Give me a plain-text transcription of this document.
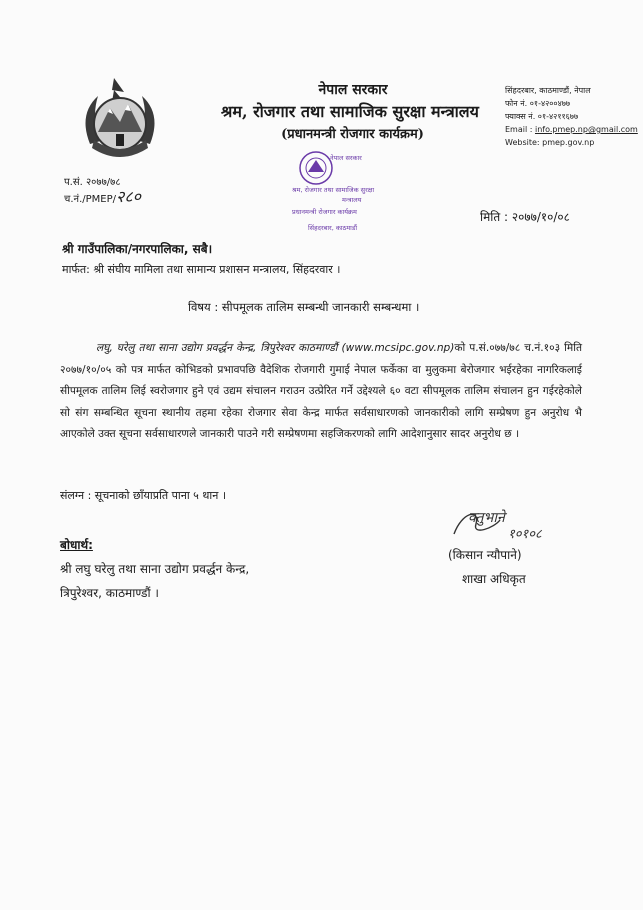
नेपाल सरकार
श्रम, रोजगार तथा सामाजिक सुरक्षा मन्त्रालय
(प्रधानमन्त्री रोजगार कार्यक्रम)
सिंहदरबार, काठमाण्डौं, नेपाल
फोन नं. ०१-४२००४७७
फ्याक्स नं. ०१-४२११६७७
Email : info.pmep.np@gmail.com
Website: pmep.gov.np
प.सं. २०७७/७८
च.नं./PMEP/२८०
नेपाल सरकार
श्रम, रोजगार तथा सामाजिक सुरक्षा
मन्त्रालय
प्रधानमन्त्री रोजगार कार्यक्रम
सिंहदरबार, काठमाडौं
मिति : २०७७/१०/०८
श्री गाउँपालिका/नगरपालिका, सबै।
मार्फत: श्री संघीय मामिला तथा सामान्य प्रशासन मन्त्रालय, सिंहदरवार ।
विषय : सीपमूलक तालिम सम्बन्धी जानकारी सम्बन्धमा ।
लघु, घरेलु तथा साना उद्योग प्रवर्द्धन केन्द्र, त्रिपुरेश्वर काठमाण्डौं (www.mcsipc.gov.np)को प.सं.०७७/७८ च.नं.१०३ मिति २०७७/१०/०५ को पत्र मार्फत कोभिडको प्रभावपछि वैदेशिक रोजगारी गुमाई नेपाल फर्केका वा मुलुकमा बेरोजगार भईरहेका नागरिकलाई सीपमूलक तालिम लिई स्वरोजगार हुने एवं उद्यम संचालन गराउन उत्प्रेरित गर्ने उद्देश्यले ६० वटा सीपमूलक तालिम संचालन हुन गईरहेकोले सो संग सम्बन्धित सूचना स्थानीय तहमा रहेका रोजगार सेवा केन्द्र मार्फत सर्वसाधारणको जानकारीको लागि सम्प्रेषण हुन अनुरोध भै आएकोले उक्त सूचना सर्वसाधारणले जानकारी पाउने गरी सम्प्रेषणमा सहजिकरणको लागि आदेशानुसार सादर अनुरोध छ ।
संलग्न : सूचनाको छाँयाप्रति पाना ५ थान ।
क्तुभाने
१०१०८
(किसान न्यौपाने)
शाखा अधिकृत
बोधार्थ:
श्री लघु घरेलु तथा साना उद्योग प्रवर्द्धन केन्द्र,
त्रिपुरेश्वर, काठमाण्डौं ।
